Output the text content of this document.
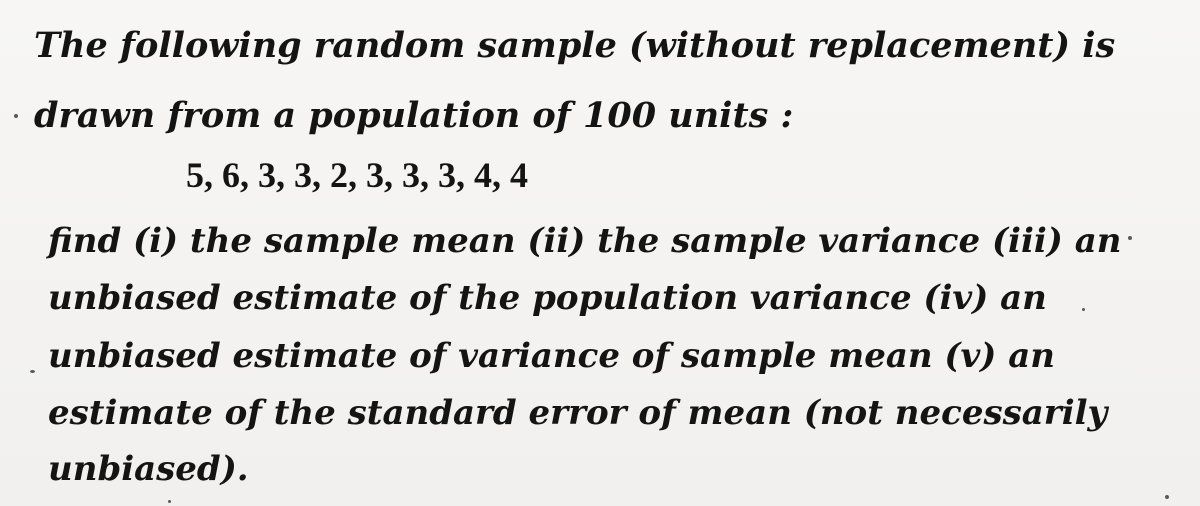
The following random sample (without replacement) is
drawn from a population of 100 units :
5, 6, 3, 3, 2, 3, 3, 3, 4, 4
find (i) the sample mean (ii) the sample variance (iii) an
unbiased estimate of the population variance (iv) an
unbiased estimate of variance of sample mean (v) an
estimate of the standard error of mean (not necessarily
unbiased).
